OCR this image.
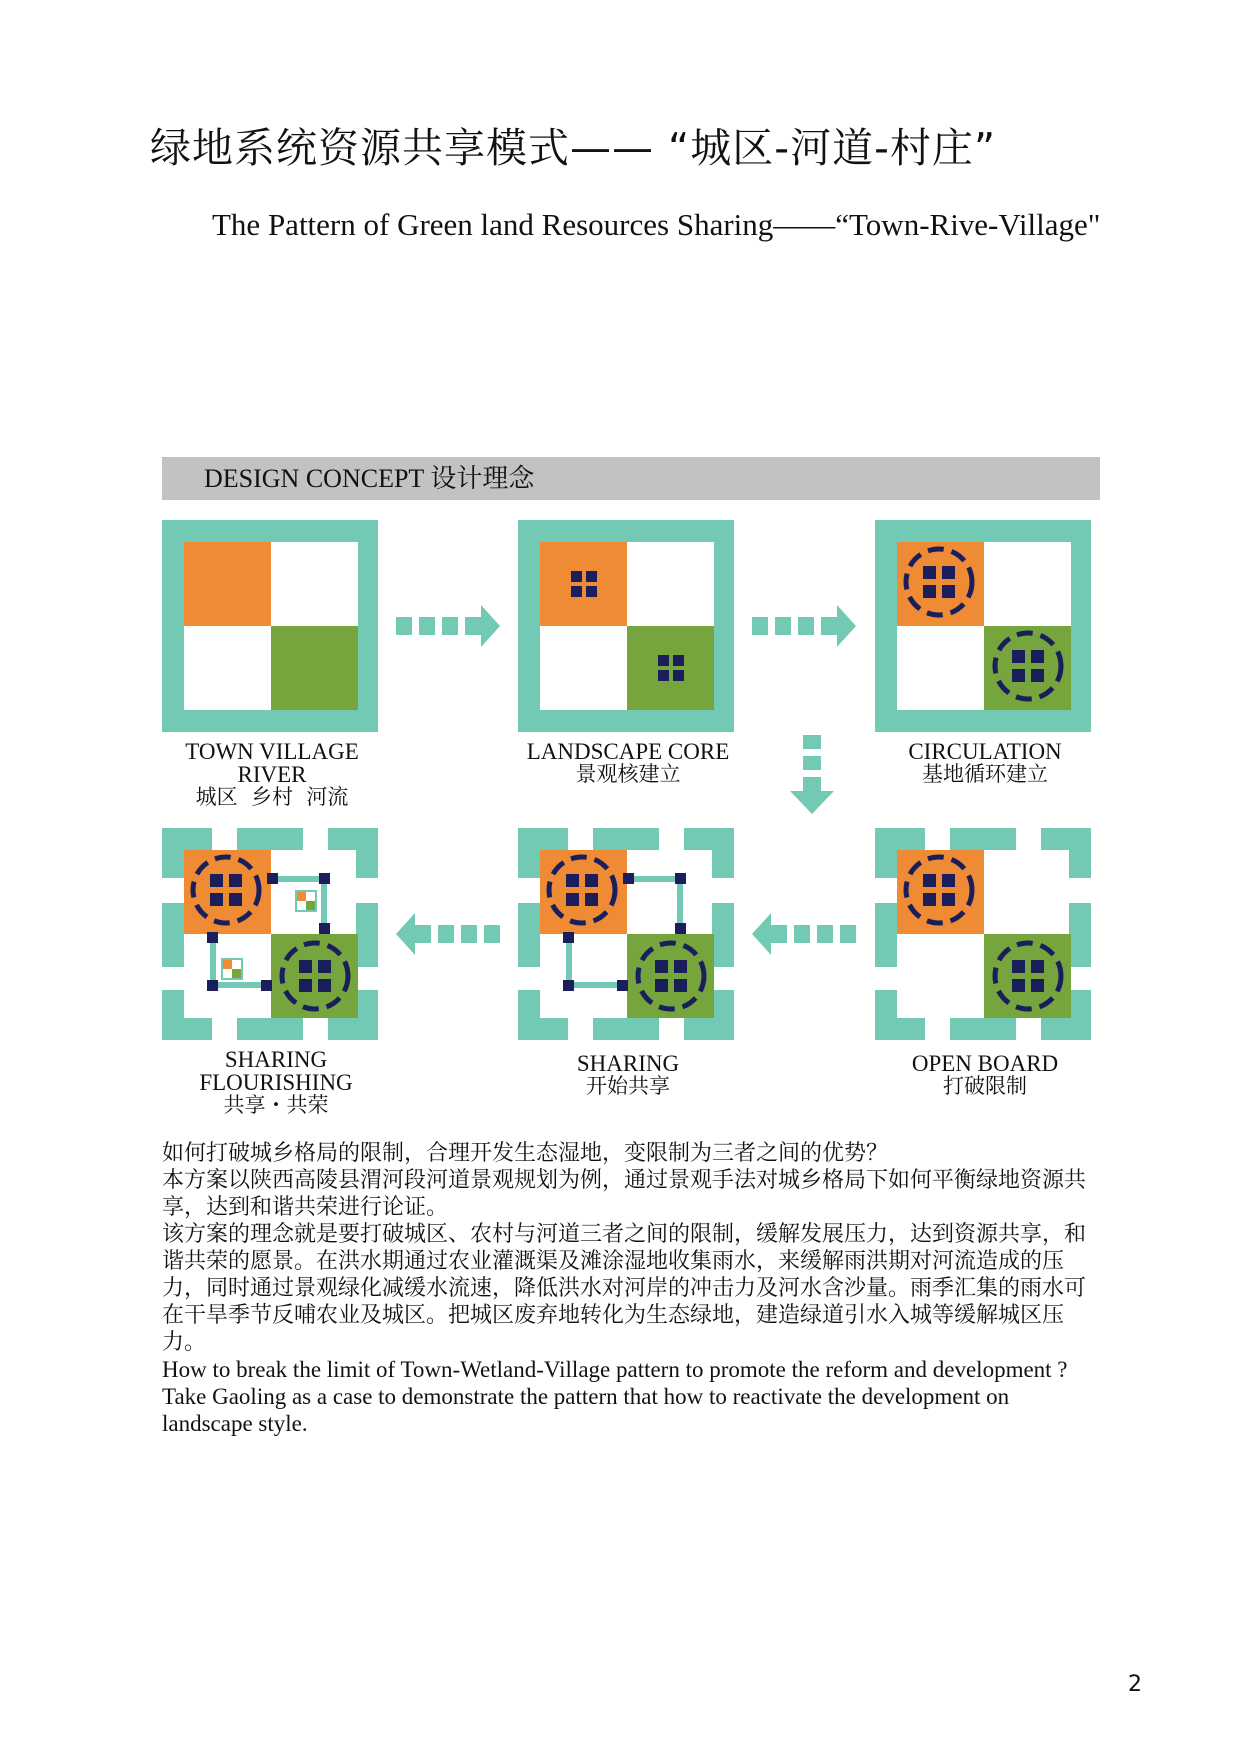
绿地系统资源共享模式—— “城区-河道-村庄”
The Pattern of Green land Resources Sharing——“Town-Rive-Village"
DESIGN CONCEPT 设计理念
TOWN VILLAGE
RIVER
城区  乡村  河流
LANDSCAPE CORE
景观核建立
CIRCULATION
基地循环建立
OPEN BOARD
打破限制
SHARING
开始共享
SHARING
FLOURISHING
共享・共荣

如何打破城乡格局的限制，合理开发生态湿地，变限制为三者之间的优势？

本方案以陕西高陵县渭河段河道景观规划为例，通过景观手法对城乡格局下如何平衡绿地资源共享，达到和谐共荣进行论证。

该方案的理念就是要打破城区、农村与河道三者之间的限制，缓解发展压力，达到资源共享，和谐共荣的愿景。在洪水期通过农业灌溉渠及滩涂湿地收集雨水，来缓解雨洪期对河流造成的压力，同时通过景观绿化减缓水流速，降低洪水对河岸的冲击力及河水含沙量。雨季汇集的雨水可在干旱季节反哺农业及城区。把城区废弃地转化为生态绿地，建造绿道引水入城等缓解城区压力。

How to break the limit of Town-Wetland-Village pattern to promote the reform and development ? Take Gaoling as a case to demonstrate the pattern that how to reactivate the development on landscape style.

2
